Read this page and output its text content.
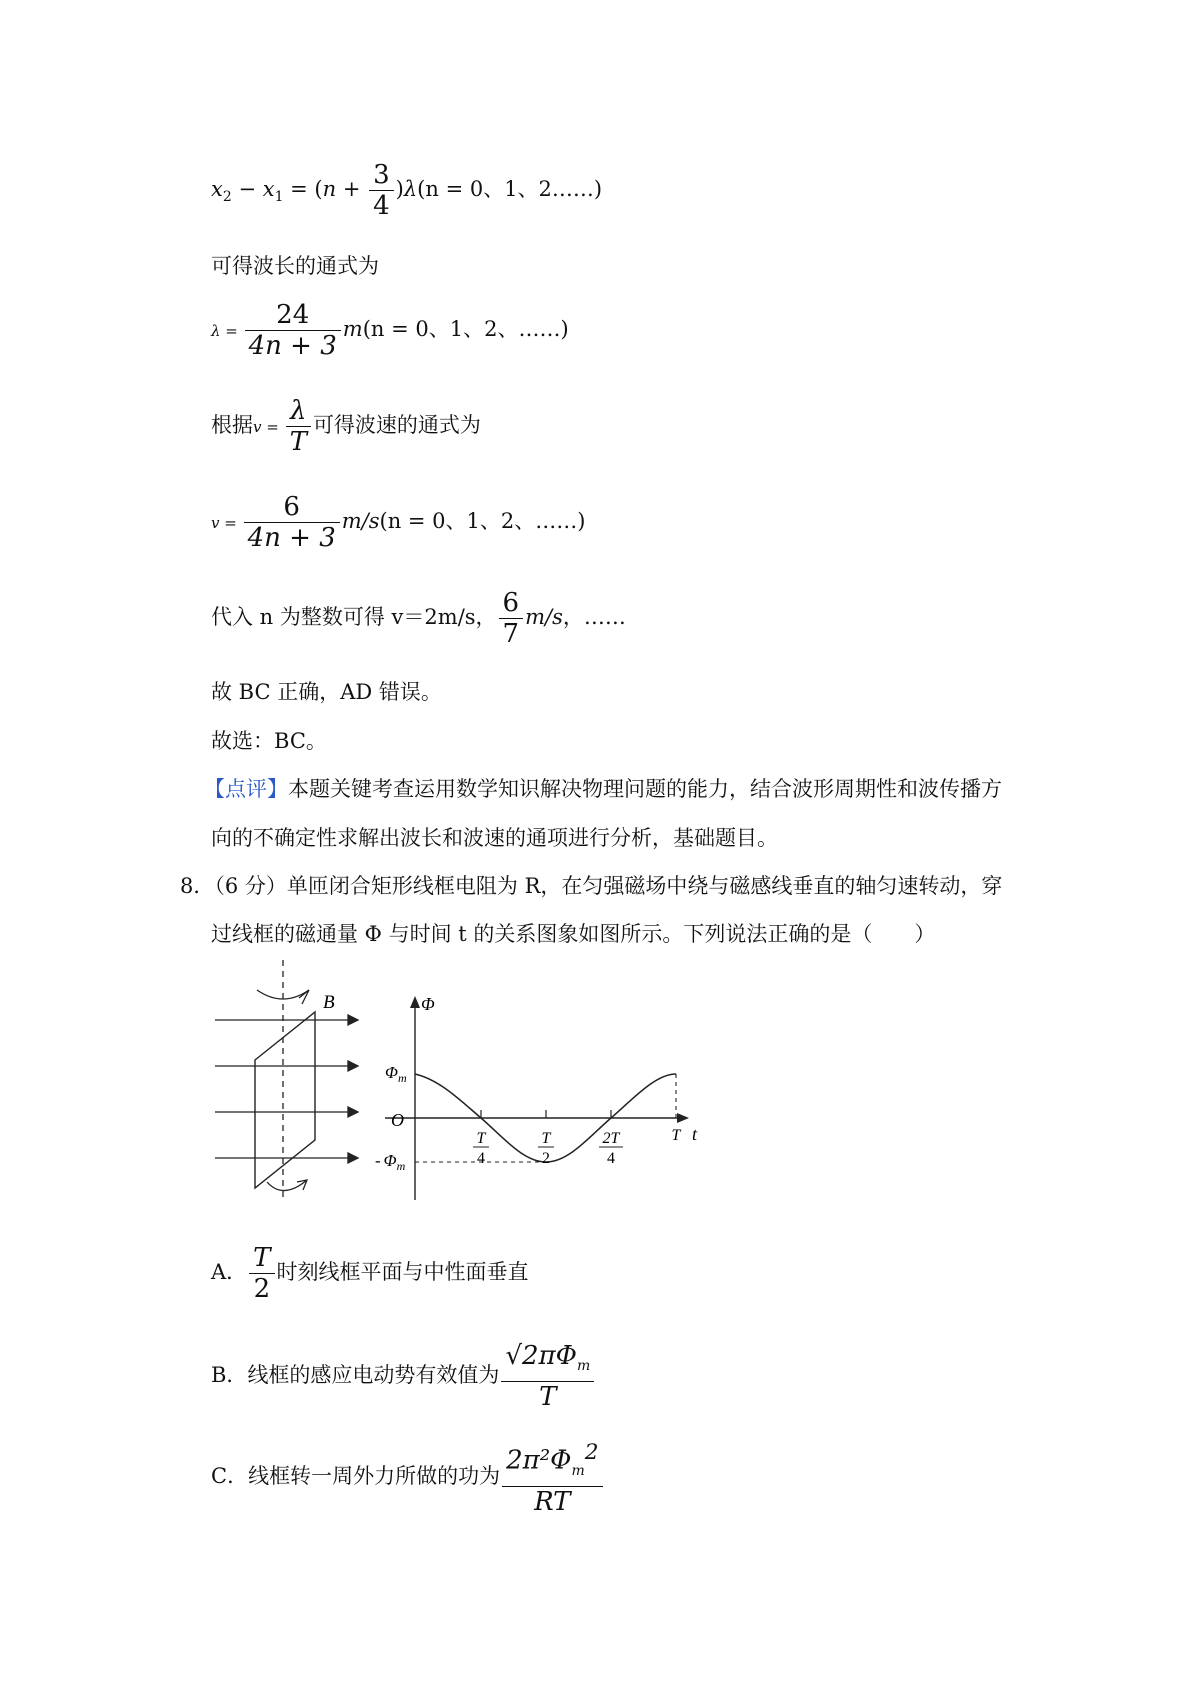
$x_2 - x_1 = (n + \frac{3}{4} )\lambda(n = 0$、1、2……)
可得波长的通式为
$\lambda = \frac{24}{4n + 3} m(n = 0$、1、2、……)
根据$v = \frac{\lambda}{T}$ 可得波速的通式为
$v = \frac{6}{4n + 3} m/s(n = 0$、1、2、……)
代入 n 为整数可得 v＝2m/s， $\frac{6}{7} m/s$，……
故 BC 正确，AD 错误。
故选：BC。
【点评】本题关键考查运用数学知识解决物理问题的能力，结合波形周期性和波传播方
向的不确定性求解出波长和波速的通项进行分析，基础题目。
8．（6 分）单匝闭合矩形线框电阻为 R，在匀强磁场中绕与磁感线垂直的轴匀速转动，穿
过线框的磁通量 Φ 与时间 t 的关系图象如图所示。下列说法正确的是（　　）
B	Φ
t
O
$\Phi_m$
- $\Phi_m$
T
4
T
2
2T
4
T
A． $\frac{T}{2}$ 时刻线框平面与中性面垂直
B．线框的感应电动势有效值为 $\frac{√2\pi\Phi_m}{T}$
C．线框转一周外力所做的功为 $\frac{2\pi^2\Phi_m^2}{RT}$
